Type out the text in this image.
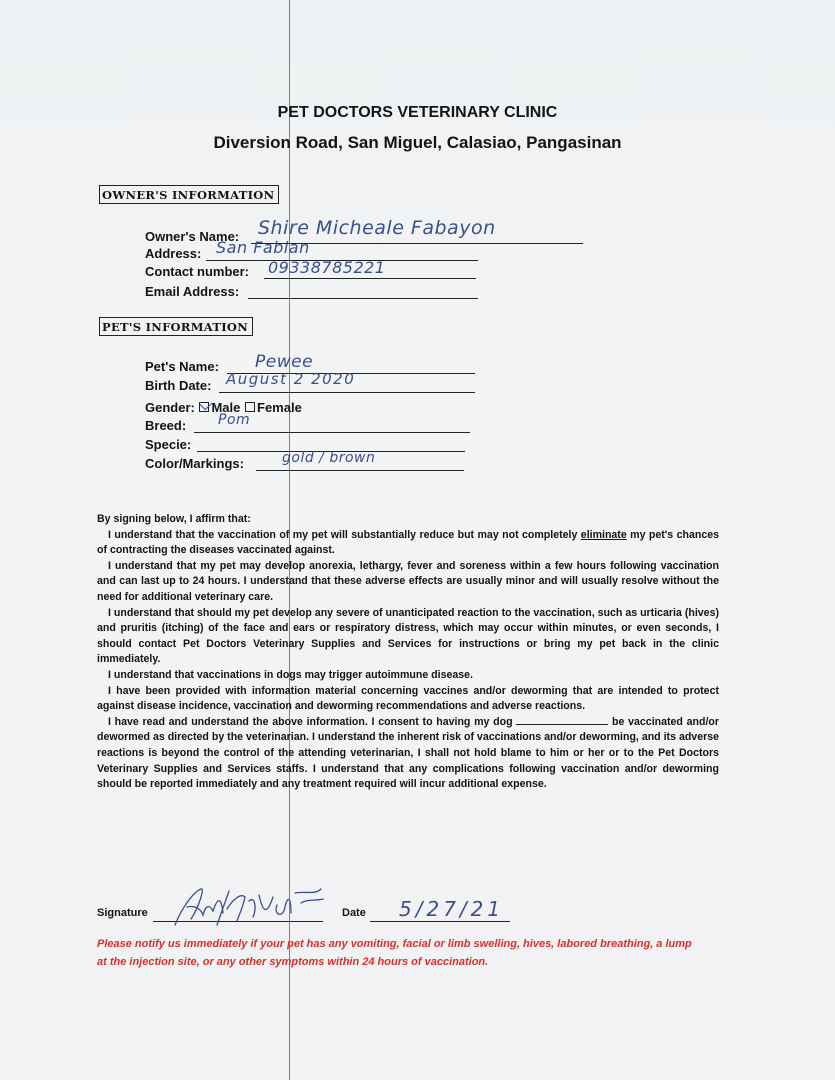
PET DOCTORS VETERINARY CLINIC
Diversion Road, San Miguel, Calasiao, Pangasinan
OWNER'S INFORMATION
Owner's Name: Shire Micheale Fabayon
Address: San Fabian
Contact number: 09338785221
Email Address:
PET'S INFORMATION
Pet's Name: Pewee
Birth Date: August 2 2020
Gender: Male Female
Breed: Pom
Specie:
Color/Markings:	gold / brown

By signing below, I affirm that:

I understand that the vaccination of my pet will substantially reduce but may not completely eliminate my pet's chances of contracting the diseases vaccinated against.

I understand that my pet may develop anorexia, lethargy, fever and soreness within a few hours following vaccination and can last up to 24 hours. I understand that these adverse effects are usually minor and will usually resolve without the need for additional veterinary care.

I understand that should my pet develop any severe of unanticipated reaction to the vaccination, such as urticaria (hives) and pruritis (itching) of the face and ears or respiratory distress, which may occur within minutes, or even seconds, I should contact Pet Doctors Veterinary Supplies and Services for instructions or bring my pet back in the clinic immediately.

I understand that vaccinations in dogs may trigger autoimmune disease.

I have been provided with information material concerning vaccines and/or deworming that are intended to protect against disease incidence, vaccination and deworming recommendations and adverse reactions.

I have read and understand the above information. I consent to having my dog	be vaccinated and/or dewormed as directed by the veterinarian. I understand the inherent risk of vaccinations and/or deworming, and its adverse reactions is beyond the control of the attending veterinarian, I shall not hold blame to him or her or to the Pet Doctors Veterinary Supplies and Services staffs. I understand that any complications following vaccination and/or deworming should be reported immediately and any treatment required will incur additional expense.

Signature	Date 5/27/21
Please notify us immediately if your pet has any vomiting, facial or limb swelling, hives, labored breathing, a lump at the injection site, or any other symptoms within 24 hours of vaccination.
